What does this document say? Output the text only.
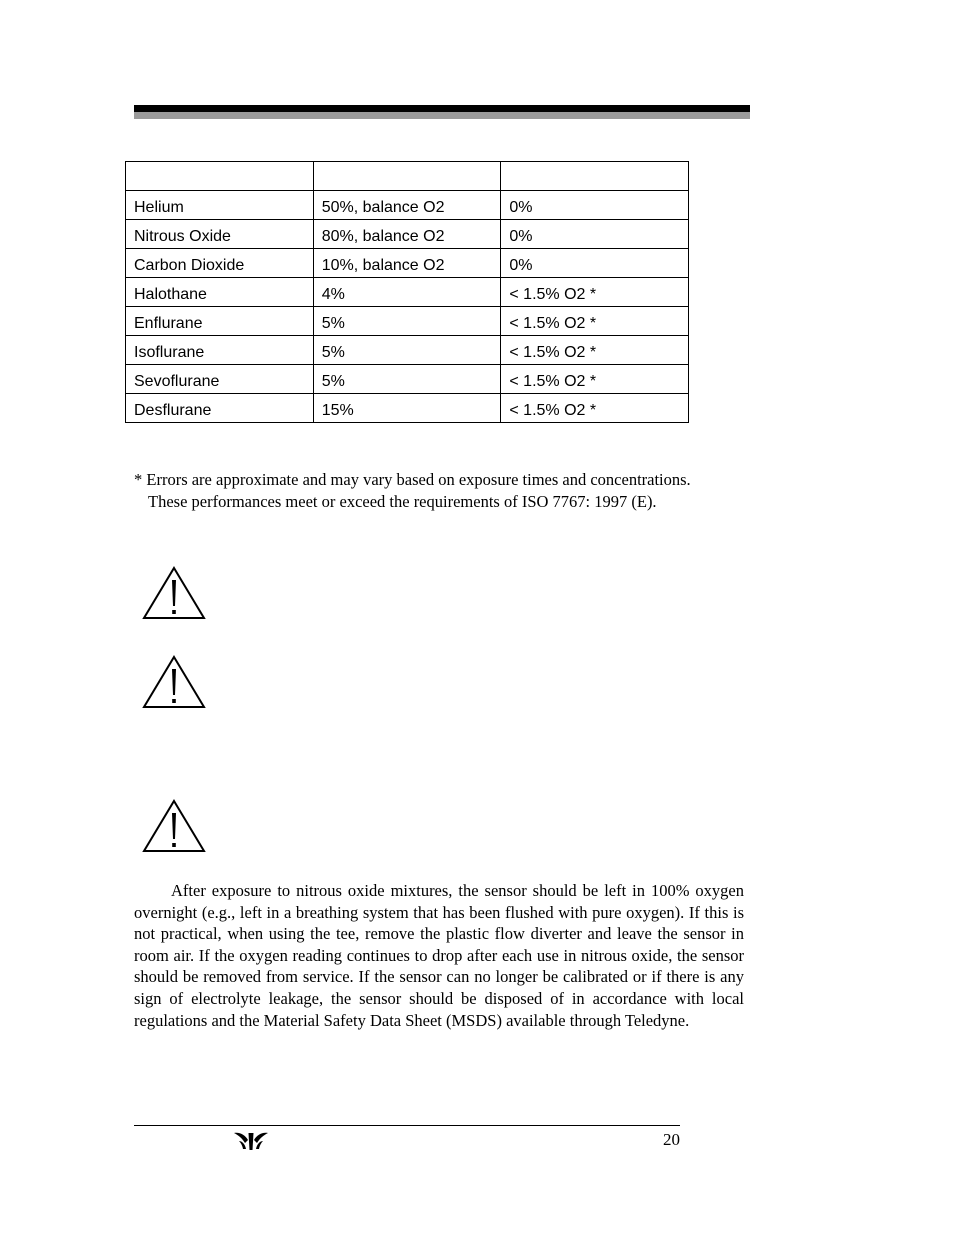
Helium	50%, balance O2	0%
Nitrous Oxide	80%, balance O2	0%
Carbon Dioxide	10%, balance O2	0%
Halothane	4%	< 1.5% O2 *
Enflurane	5%	< 1.5% O2 *
Isoflurane	5%	< 1.5% O2 *
Sevoflurane	5%	< 1.5% O2 *
Desflurane	15%	< 1.5% O2 *
* Errors are approximate and may vary based on exposure times and concentrations.
These performances meet or exceed the requirements of ISO 7767: 1997 (E).
After exposure to nitrous oxide mixtures, the sensor should be left in 100% oxygen overnight (e.g., left in a breathing system that has been flushed with pure oxygen). If this is not practical, when using the tee, remove the plastic flow diverter and leave the sensor in room air. If the oxygen reading continues to drop after each use in nitrous oxide, the sensor should be removed from service. If the sensor can no longer be calibrated or if there is any sign of electrolyte leakage, the sensor should be disposed of in accordance with local regulations and the Material Safety Data Sheet (MSDS) available through Teledyne.
20
